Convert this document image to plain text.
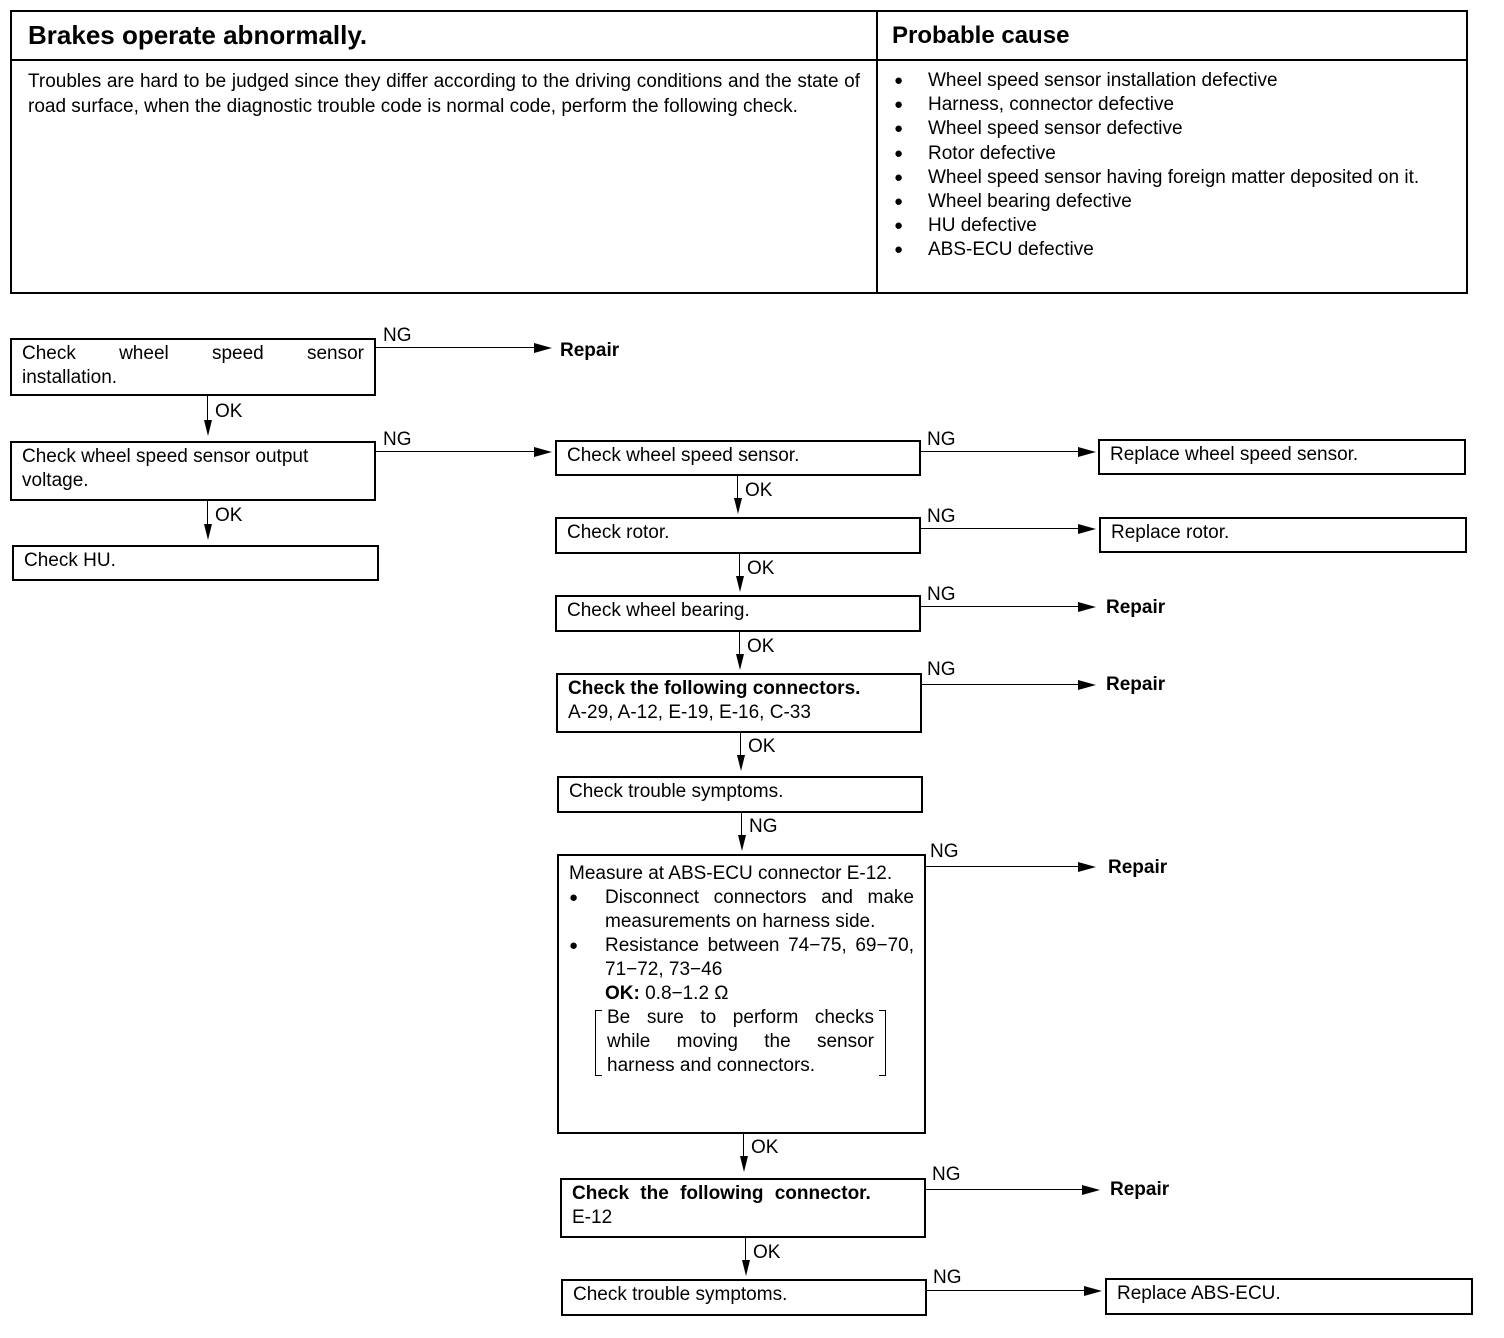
Brakes operate abnormally.	Probable cause
Troubles are hard to be judged since they differ according to the driving conditions and the state of road surface, when the diagnostic trouble code is normal code, perform the following check.
● Wheel speed sensor installation defective
● Harness, connector defective
● Wheel speed sensor defective
● Rotor defective
● Wheel speed sensor having foreign matter deposited on it.
● Wheel bearing defective
● HU defective
● ABS-ECU defective
Check wheel speed sensor installation.
NG
Repair
OK
Check wheel speed sensor output voltage.
NG
OK
Check HU.
Check wheel speed sensor.
NG
Replace wheel speed sensor.
OK
Check rotor.
NG
Replace rotor.
OK
Check wheel bearing.
NG
Repair
OK
Check the following connectors.
A-29, A-12, E-19, E-16, C-33
NG
Repair
OK
Check trouble symptoms.
NG
Measure at ABS-ECU connector E-12.
● Disconnect connectors and make measurements on harness side.
● Resistance between 74−75, 69−70, 71−72, 73−46
OK: 0.8−1.2 Ω
Be sure to perform checks while moving the sensor harness and connectors.
NG
Repair
OK
Check the following connector.
E-12
NG
Repair
OK
Check trouble symptoms.
NG
Replace ABS-ECU.
